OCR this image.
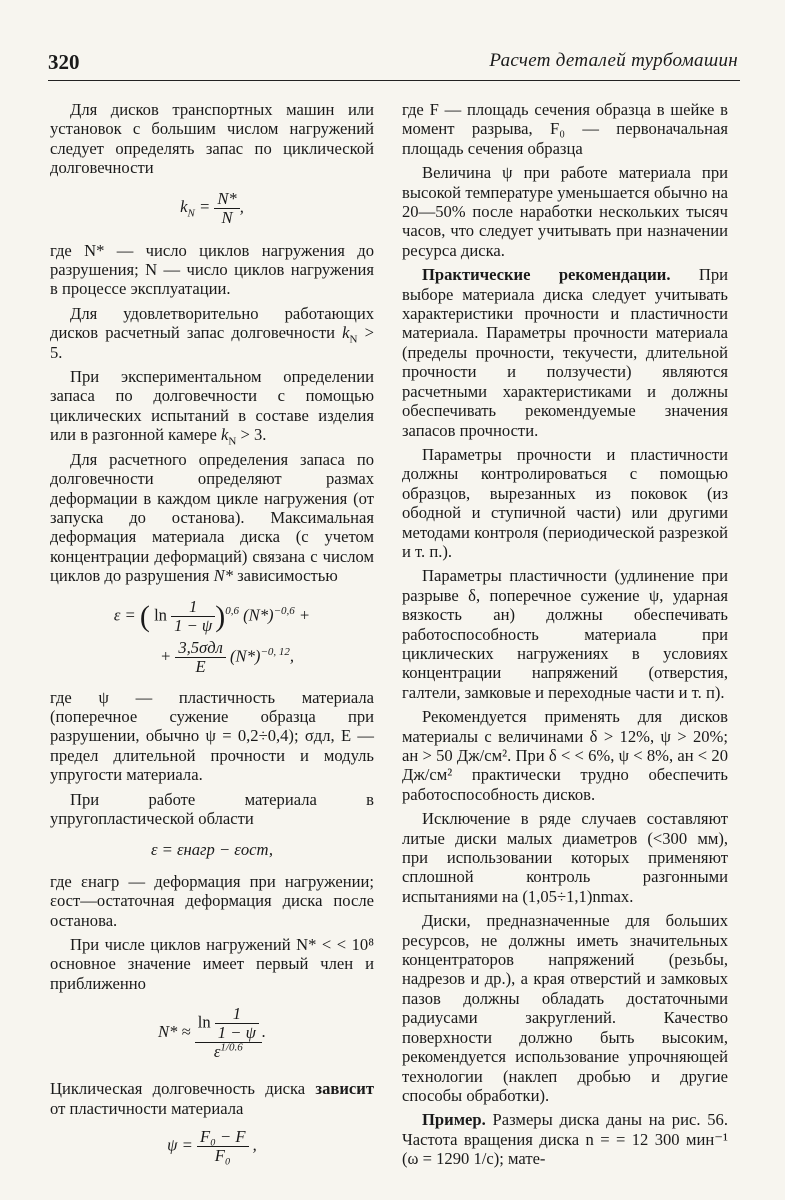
320	Расчет деталей турбомашин

Для дисков транспортных машин или установок с большим числом нагружений следует определять запас по циклической долговечности

$k_N = \frac{N*}{N}$ ,

где N* — число циклов нагружения до разрушения; N — число циклов нагружения в процессе эксплуатации.

Для удовлетворительно работающих дисков расчетный запас долговечности $k_N > 5$.

При экспериментальном определении запаса по долговечности с помощью циклических испытаний в составе изделия или в разгонной камере $k_N > 3$.

Для расчетного определения запаса по долговечности определяют размах деформации в каждом цикле нагружения (от запуска до останова). Максимальная деформация материала диска (с учетом концентрации деформаций) связана с числом циклов до разрушения N* зависимостью

ε = ( $\ln \frac{1}{1 - \psi} )^{0,6}$ $(N*)^{-0,6}$ +
+ $\frac{\text{3,5σдл}}{E} (N*)^{-0, 12}$,

где ψ — пластичность материала (поперечное сужение образца при разрушении, обычно ψ = 0,2÷0,4); σдл, E — предел длительной прочности и модуль упругости материала.

При работе материала в упругопластической области

ε = εнагр − εост,

где εнагр — деформация при нагружении; εост—остаточная деформация диска после останова.

При числе циклов нагружений N* < < 10⁸ основное значение имеет первый член и приближенно

$N* \approx \frac{\ln \frac{1}{1 - \psi}}{\varepsilon^{1/0.6}}$ .

Циклическая долговечность диска зависит от пластичности материала

$\psi = \frac{\text{F₀ − F}}{\text{F₀}}$ ,

где F — площадь сечения образца в шейке в момент разрыва, F₀ — первоначальная площадь сечения образца

Величина ψ при работе материала при высокой температуре уменьшается обычно на 20—50% после наработки нескольких тысяч часов, что следует учитывать при назначении ресурса диска.

Практические рекомендации. При выборе материала диска следует учитывать характеристики прочности и пластичности материала. Параметры прочности материала (пределы прочности, текучести, длительной прочности и ползучести) являются расчетными характеристиками и должны обеспечивать рекомендуемые значения запасов прочности.

Параметры прочности и пластичности должны контролироваться с помощью образцов, вырезанных из поковок (из ободной и ступичной части) или другими методами контроля (периодической разрезкой и т. п.).

Параметры пластичности (удлинение при разрыве δ, поперечное сужение ψ, ударная вязкость aн) должны обеспечивать работоспособность материала при циклических нагружениях в условиях концентрации напряжений (отверстия, галтели, замковые и переходные части и т. п).

Рекомендуется применять для дисков материалы с величинами δ > 12%, ψ > 20%; aн > 50 Дж/см². При δ < < 6%, ψ < 8%, aн < 20 Дж/см² практически трудно обеспечить работоспособность дисков.

Исключение в ряде случаев составляют литые диски малых диаметров (<300 мм), при использовании которых применяют сплошной контроль разгонными испытаниями на (1,05÷1,1)nmax.

Диски, предназначенные для больших ресурсов, не должны иметь значительных концентраторов напряжений (резьбы, надрезов и др.), а края отверстий и замковых пазов должны обладать достаточными радиусами закруглений. Качество поверхности должно быть высоким, рекомендуется использование упрочняющей технологии (наклеп дробью и другие способы обработки).

Пример. Размеры диска даны на рис. 56. Частота вращения диска n = = 12 300 мин⁻¹ (ω = 1290 1/с); мате-
